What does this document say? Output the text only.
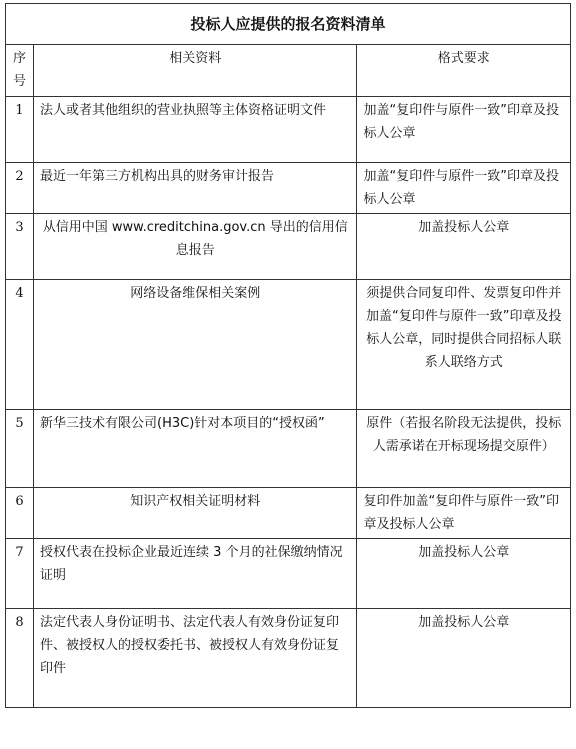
投标人应提供的报名资料清单		
序号	相关资料	格式要求
1	法人或者其他组织的营业执照等主体资格证明文件	加盖“复印件与原件一致”印章及投标人公章
2	最近一年第三方机构出具的财务审计报告	加盖“复印件与原件一致”印章及投标人公章
3	从信用中国 www.creditchina.gov.cn 导出的信用信息报告	加盖投标人公章
4	网络设备维保相关案例	须提供合同复印件、发票复印件并加盖“复印件与原件一致”印章及投标人公章，同时提供合同招标人联系人联络方式
5	新华三技术有限公司(H3C)针对本项目的“授权函”	原件（若报名阶段无法提供，投标人需承诺在开标现场提交原件）
6	知识产权相关证明材料	复印件加盖“复印件与原件一致”印章及投标人公章
7	授权代表在投标企业最近连续 3 个月的社保缴纳情况证明	加盖投标人公章
8	法定代表人身份证明书、法定代表人有效身份证复印件、被授权人的授权委托书、被授权人有效身份证复印件	加盖投标人公章
